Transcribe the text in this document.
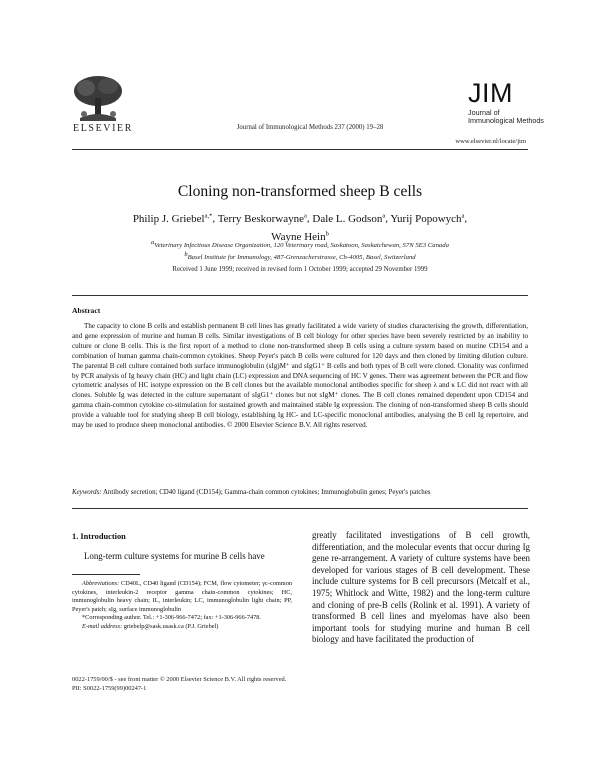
ELSEVIER	Journal of Immunological Methods 237 (2000) 19–28
JIM
Journal of
Immunological Methods
www.elsevier.nl/locate/jim
Cloning non-transformed sheep B cells
Philip J. Griebel$^{a,*}$, Terry Beskorwayne$^a$, Dale L. Godson$^a$, Yurij Popowych$^a$,
Wayne Hein$^b$
$^a$Veterinary Infectious Disease Organization, 120 Veterinary road, Saskatoon, Saskatchewan, S7N 5E3 Canada
$^b$Basel Institute for Immunology, 487-Grenzacherstrasse, Ch-4005, Basel, Switzerland
Received 1 June 1999; received in revised form 1 October 1999; accepted 29 November 1999
Abstract
The capacity to clone B cells and establish permanent B cell lines has greatly facilitated a wide variety of studies characterising the growth, differentiation, and gene expression of murine and human B cells. Similar investigations of B cell biology for other species have been severely restricted by an inability to culture or clone B cells. This is the first report of a method to clone non-transformed sheep B cells using a culture system based on murine CD154 and a combination of human gamma chain-common cytokines. Sheep Peyer's patch B cells were cultured for 120 days and then cloned by limiting dilution culture. The parental B cell culture contained both surface immunoglobulin (sIg)M⁺ and sIgG1⁺ B cells and both types of B cell were cloned. Clonality was confirmed by PCR analysis of Ig heavy chain (HC) and light chain (LC) expression and DNA sequencing of HC V genes. There was agreement between the PCR and flow cytometric analyses of HC isotype expression on the B cell clones but the available monoclonal antibodies specific for sheep λ and κ LC did not react with all clones. Soluble Ig was detected in the culture supernatant of sIgG1⁺ clones but not sIgM⁺ clones. The B cell clones remained dependent upon CD154 and gamma chain-common cytokine co-stimulation for sustained growth and maintained stable Ig expression. The cloning of non-transformed sheep B cells should provide a valuable tool for studying sheep B cell biology, establishing Ig HC- and LC-specific monoclonal antibodies, analysing the B cell Ig repertoire, and may be used to produce sheep monoclonal antibodies. © 2000 Elsevier Science B.V. All rights reserved.
Keywords: Antibody secretion; CD40 ligand (CD154); Gamma-chain common cytokines; Immunoglobulin genes; Peyer's patches
1. Introduction
Long-term culture systems for murine B cells have

Abbreviations: CD40L, CD40 ligand (CD154); FCM, flow cytometer; γc-common cytokines, interleukin-2 receptor gamma chain-common cytokines; HC, immunoglobulin heavy chain; IL, interleukin; LC, immunoglobulin light chain; PP, Peyer's patch; sIg, surface immunoglobulin

*Corresponding author. Tel.: +1-306-966-7472; fax: +1-306-966-7478.

E-mail address: griebelp@sask.usask.ca (P.J. Griebel)

greatly facilitated investigations of B cell growth, differentiation, and the molecular events that occur during Ig gene re-arrangement. A variety of culture systems have been developed for various stages of B cell development. These include culture systems for B cell precursors (Metcalf et al., 1975; Whitlock and Witte, 1982) and the long-term culture and cloning of pre-B cells (Rolink et al. 1991). A variety of transformed B cell lines and myelomas have also been important tools for studying murine and human B cell biology and have facilitated the production of
0022-1759/00/$ - see front matter © 2000 Elsevier Science B.V. All rights reserved.
PII: S0022-1759(99)00247-1
